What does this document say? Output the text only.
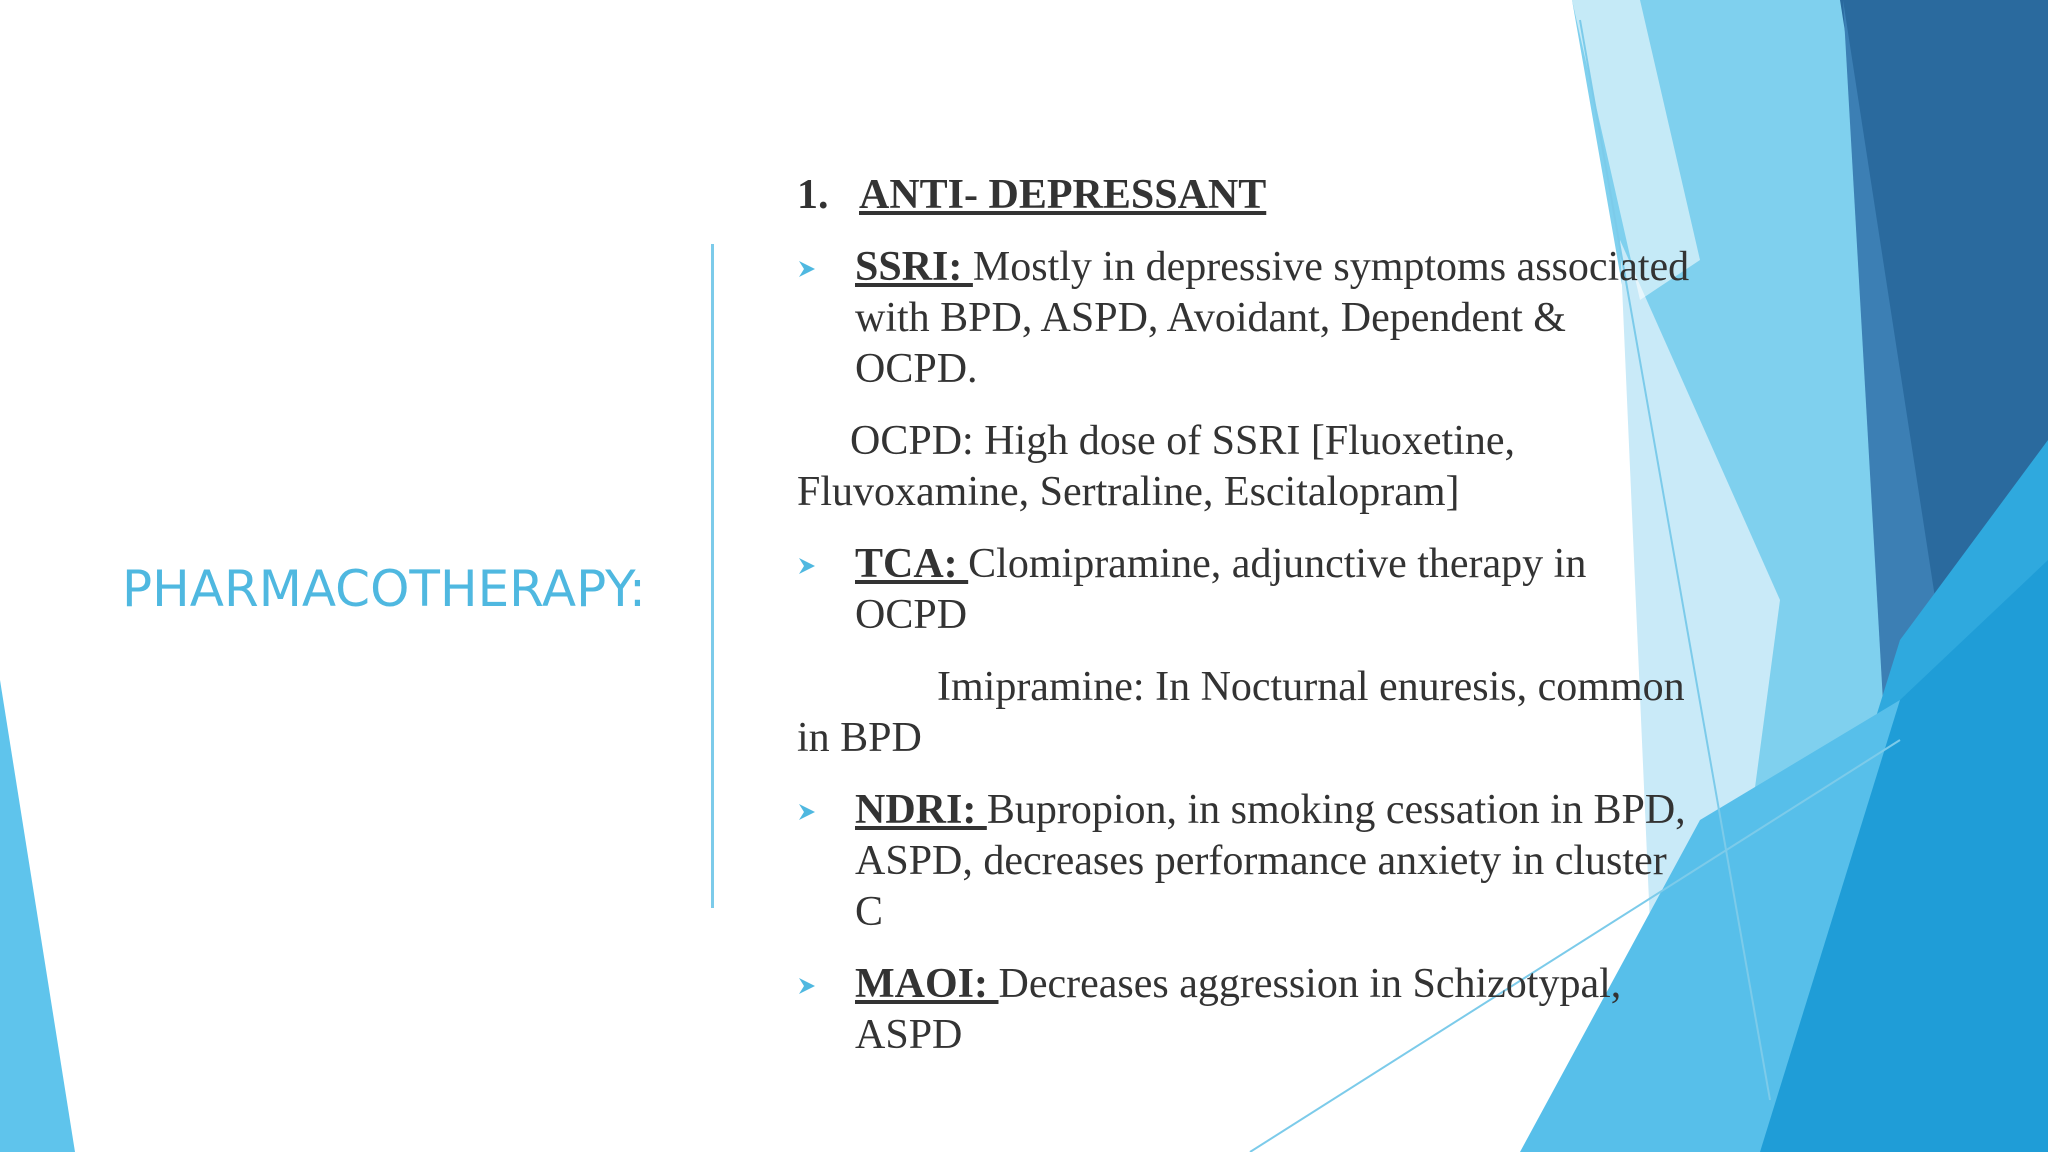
PHARMACOTHERAPY:
1. ANTI- DEPRESSANT
SSRI: Mostly in depressive symptoms associated with BPD, ASPD, Avoidant, Dependent & OCPD.
OCPD: High dose of SSRI [Fluoxetine, Fluvoxamine, Sertraline, Escitalopram]
TCA: Clomipramine, adjunctive therapy in OCPD
Imipramine: In Nocturnal enuresis, common in BPD
NDRI: Bupropion, in smoking cessation in BPD, ASPD, decreases performance anxiety in cluster C
MAOI: Decreases aggression in Schizotypal, ASPD
